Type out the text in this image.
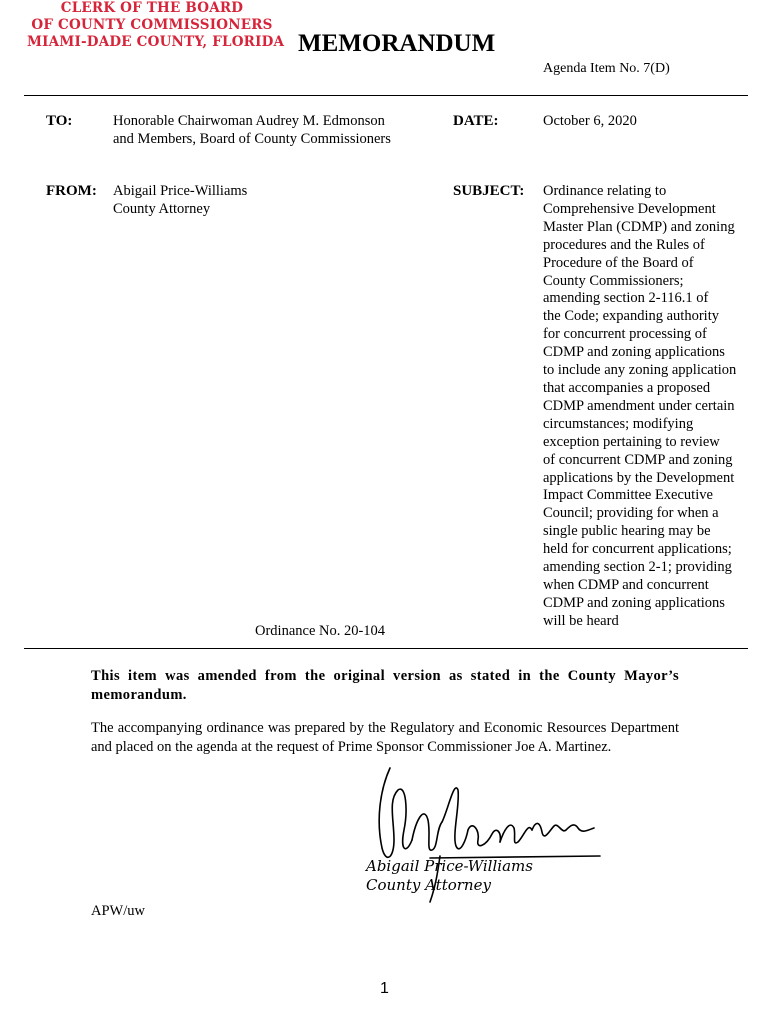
CLERK OF THE BOARD
OF COUNTY COMMISSIONERS
MIAMI-DADE COUNTY, FLORIDA MEMORANDUM
Agenda Item No. 7(D)
TO:	Honorable Chairwoman Audrey M. Edmonson
and Members, Board of County Commissioners
DATE:	October 6, 2020
FROM: Abigail Price-Williams
County Attorney
SUBJECT: Ordinance relating to
Comprehensive Development
Master Plan (CDMP) and zoning
procedures and the Rules of
Procedure of the Board of
County Commissioners;
amending section 2-116.1 of
the Code; expanding authority
for concurrent processing of
CDMP and zoning applications
to include any zoning application
that accompanies a proposed
CDMP amendment under certain
circumstances; modifying
exception pertaining to review
of concurrent CDMP and zoning
applications by the Development
Impact Committee Executive
Council; providing for when a
single public hearing may be
held for concurrent applications;
amending section 2-1; providing
when CDMP and concurrent
CDMP and zoning applications
will be heard
Ordinance No. 20-104
This item was amended from the original version as stated in the County Mayor’s memorandum.
The accompanying ordinance was prepared by the Regulatory and Economic Resources Department and placed on the agenda at the request of Prime Sponsor Commissioner Joe A. Martinez.
Abigail Price-Williams
County Attorney
APW/uw
1
